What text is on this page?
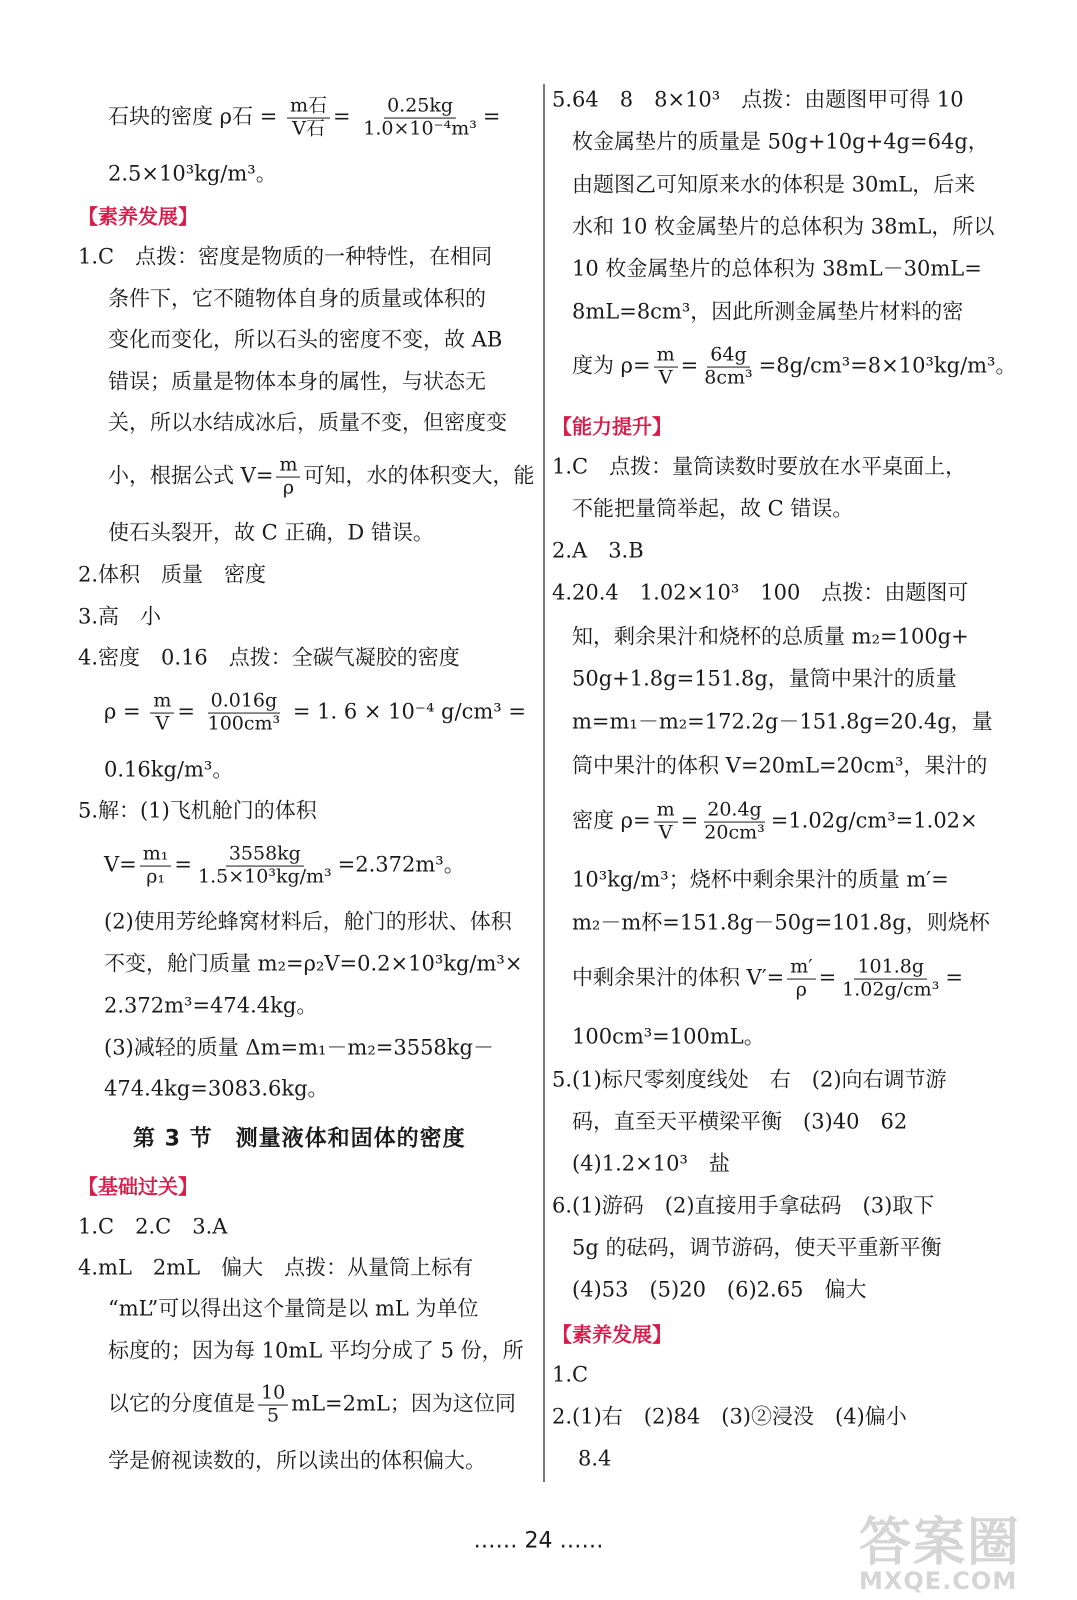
石块的密度 ρ石 = $\frac{\text{m石}}{\text{V石}} = \frac{0.25kg}{\text{1.0×10⁻⁴m³}}$ =
2.5×10³kg/m³。
【素养发展】
1.C　点拨：密度是物质的一种特性，在相同
条件下，它不随物体自身的质量或体积的
变化而变化，所以石头的密度不变，故 AB
错误；质量是物体本身的属性，与状态无
关，所以水结成冰后，质量不变，但密度变
小，根据公式 $V= \frac{m}{\rho}$ 可知，水的体积变大，能
使石头裂开，故 C 正确，D 错误。
2.体积　质量　密度
3.高　小
4.密度　0.16　点拨：全碳气凝胶的密度
$\rho = \frac{m}{V} = \frac{0.016g}{\text{100cm³}} = 1$. 6 × 10⁻⁴ g/cm³ =
0.16kg/m³。
5.解：(1)飞机舱门的体积
$V= \frac{\text{m₁}}{\text{ρ₁}} = \frac{3558kg}{\text{1.5×10³kg/m³}} =2.372m^3$。
(2)使用芳纶蜂窝材料后，舱门的形状、体积
不变，舱门质量 m₂=ρ₂V=0.2×10³kg/m³×
2.372m³=474.4kg。
(3)减轻的质量 Δm=m₁－m₂=3558kg－
474.4kg=3083.6kg。
第 3 节　测量液体和固体的密度
【基础过关】
1.C　2.C　3.A
4.mL　2mL　偏大　点拨：从量筒上标有
“mL”可以得出这个量筒是以 mL 为单位
标度的；因为每 10mL 平均分成了 5 份，所
以它的分度值是 $\frac{10}{5} mL=2mL$；因为这位同
学是俯视读数的，所以读出的体积偏大。
5.64　8　8×10³　点拨：由题图甲可得 10
枚金属垫片的质量是 50g+10g+4g=64g，
由题图乙可知原来水的体积是 30mL，后来
水和 10 枚金属垫片的总体积为 38mL，所以
10 枚金属垫片的总体积为 38mL－30mL=
8mL=8cm³，因此所测金属垫片材料的密
度为 $\rho= \frac{m}{V} = \frac{64g}{\text{8cm³}} =8g/cm^3=8\times 10^3kg/m^3$。
【能力提升】
1.C　点拨：量筒读数时要放在水平桌面上，
不能把量筒举起，故 C 错误。
2.A　3.B
4.20.4　1.02×10³　100　点拨：由题图可
知，剩余果汁和烧杯的总质量 m₂=100g+
50g+1.8g=151.8g，量筒中果汁的质量
m=m₁－m₂=172.2g－151.8g=20.4g，量
筒中果汁的体积 V=20mL=20cm³，果汁的
密度 $\rho= \frac{m}{V} = \frac{20.4g}{\text{20cm³}} =1.02g/cm^3=1.02\times$
10³kg/m³；烧杯中剩余果汁的质量 m′=
m₂－m杯=151.8g－50g=101.8g，则烧杯
中剩余果汁的体积 $V'= \frac{m'}{\rho} = \frac{101.8g}{\text{1.02g/cm³}}$ =
100cm³=100mL。
5.(1)标尺零刻度线处　右　(2)向右调节游
码，直至天平横梁平衡　(3)40　62
(4)1.2×10³　盐
6.(1)游码　(2)直接用手拿砝码　(3)取下
5g 的砝码，调节游码，使天平重新平衡
(4)53　(5)20　(6)2.65　偏大
【素养发展】
1.C
2.(1)右　(2)84　(3)②浸没　(4)偏小
8.4
…… 24 ……	答案圈
MXQE.COM
